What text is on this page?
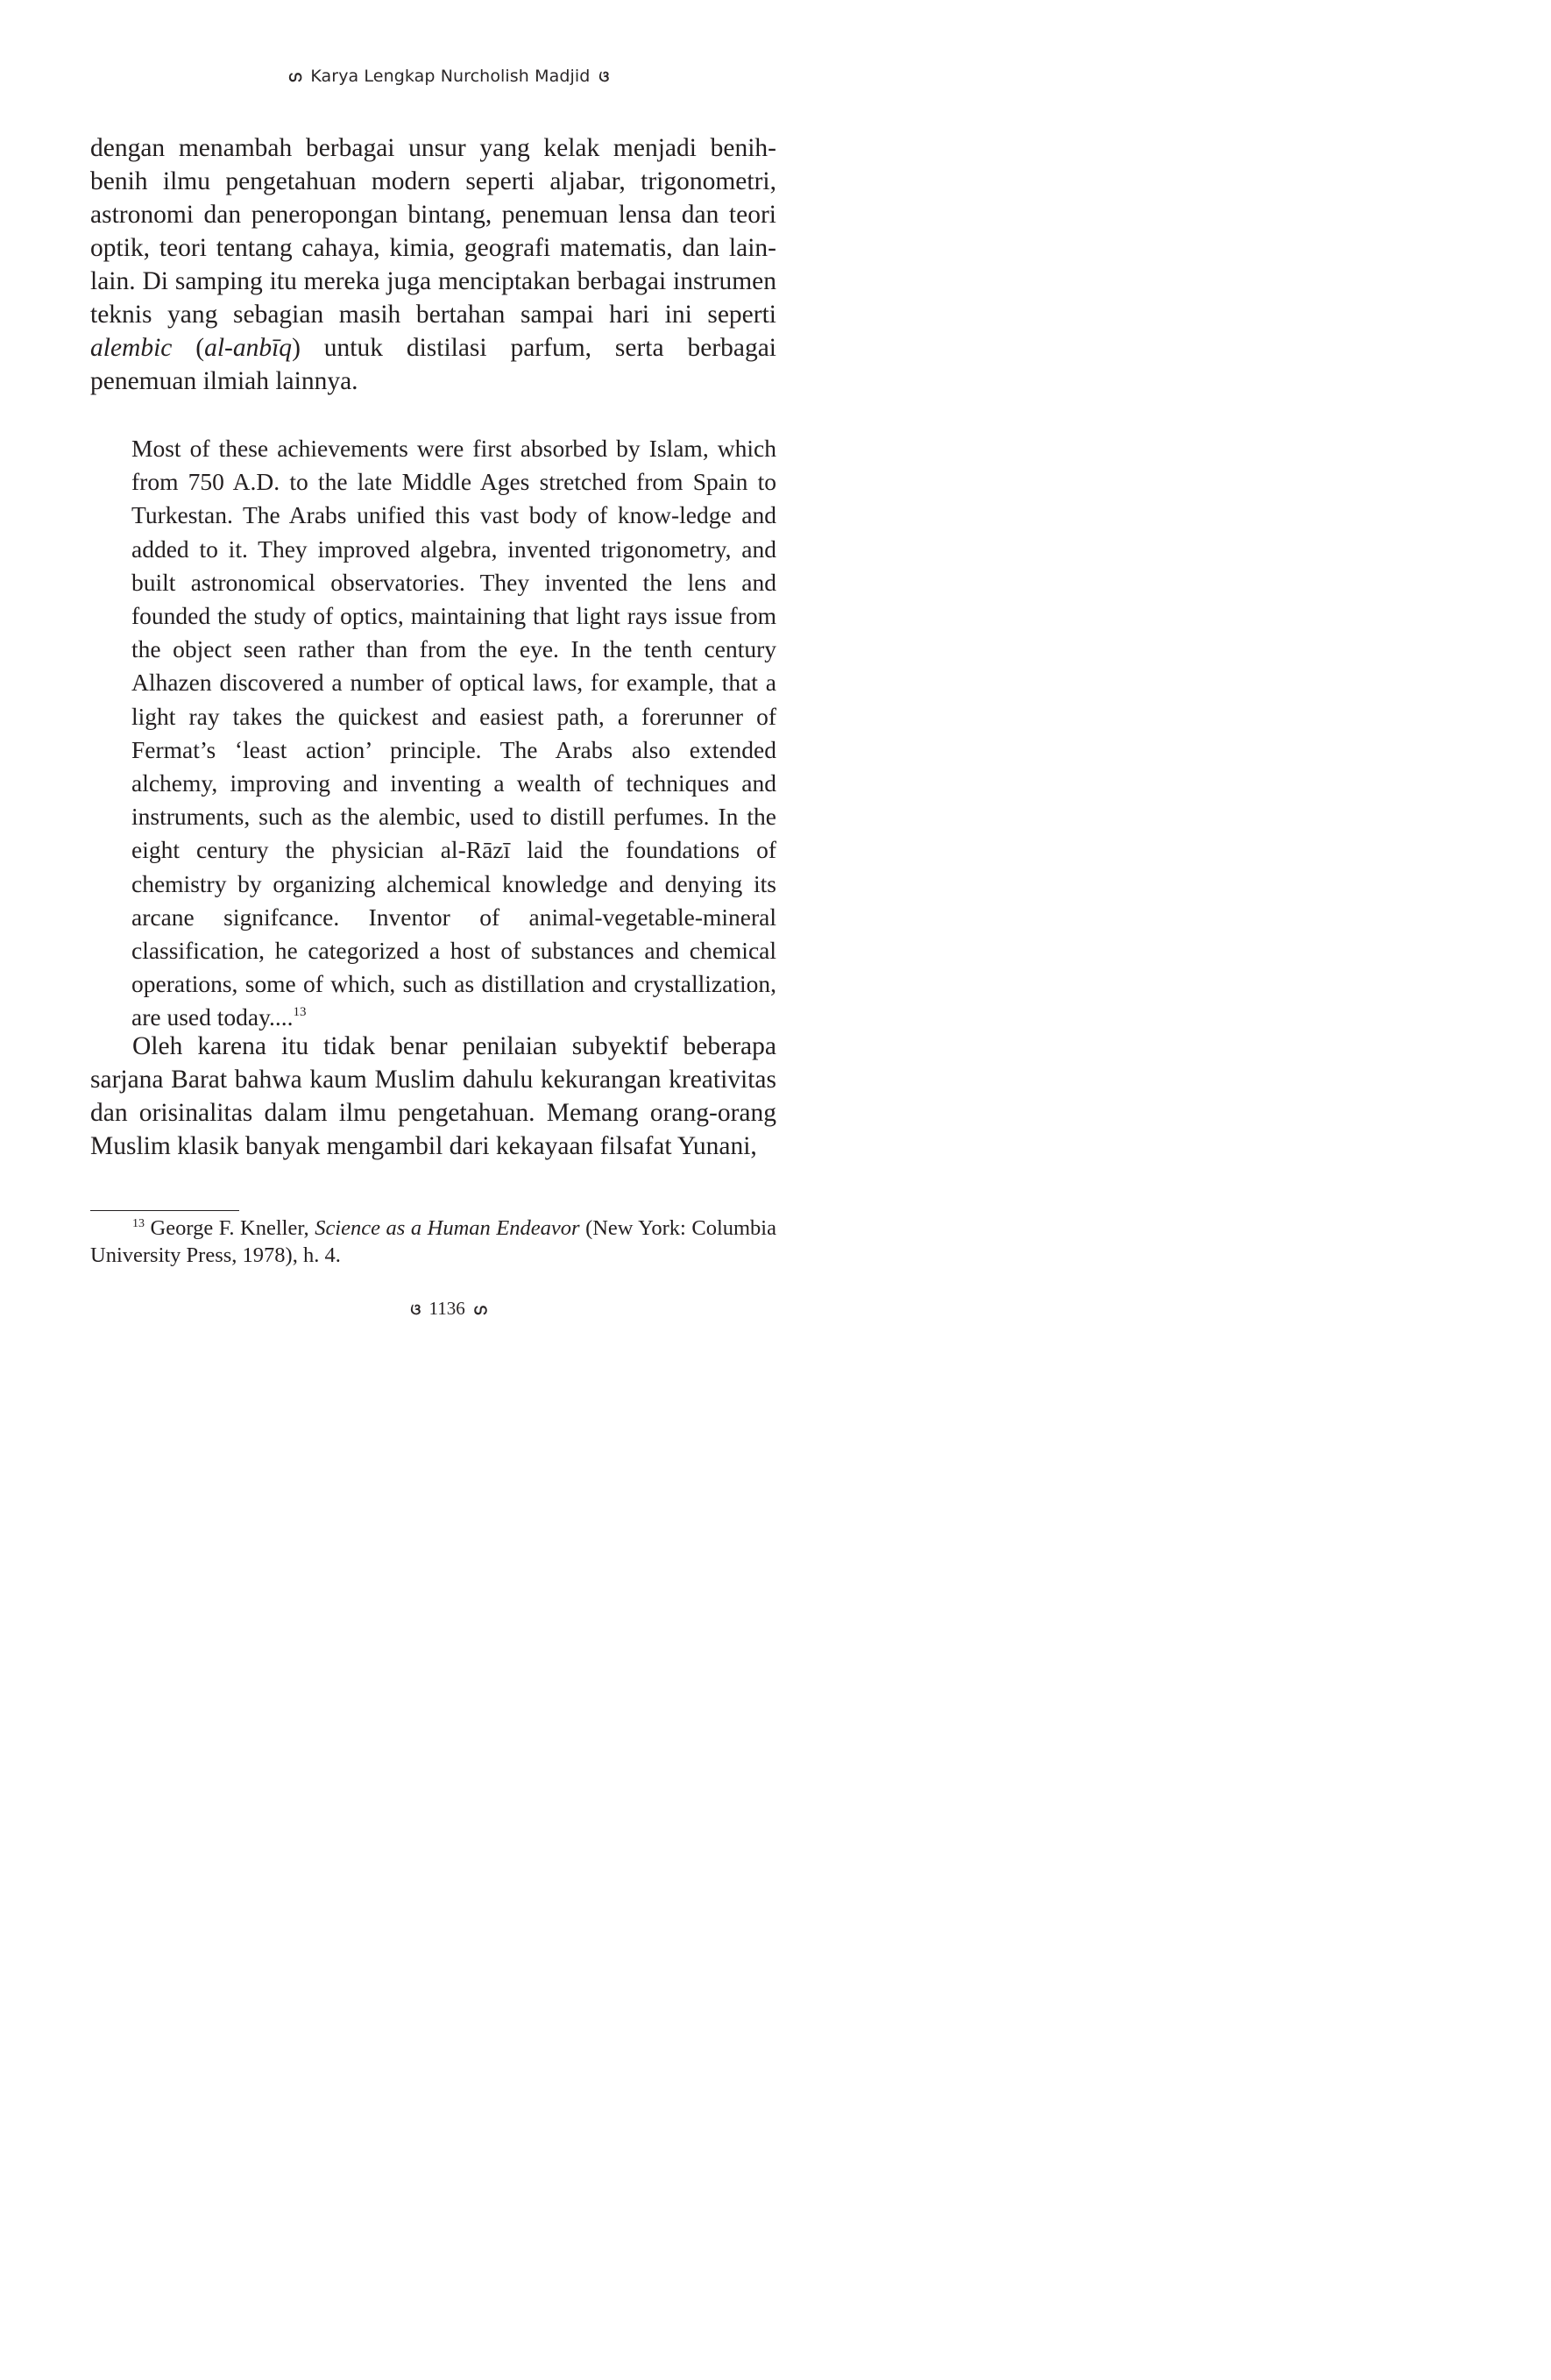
ഗ Karya Lengkap Nurcholish Madjid ଓ

dengan menambah berbagai unsur yang kelak menjadi benih-benih ilmu pengetahuan modern seperti aljabar, trigonometri, astronomi dan peneropongan bintang, penemuan lensa dan teori optik, teori tentang cahaya, kimia, geografi matematis, dan lain-lain. Di samping itu mereka juga menciptakan berbagai instrumen teknis yang sebagian masih bertahan sampai hari ini seperti alembic (al-anbīq) untuk distilasi parfum, serta berbagai penemuan ilmiah lainnya.

Most of these achievements were first absorbed by Islam, which from 750 A.D. to the late Middle Ages stretched from Spain to Turkestan. The Arabs unified this vast body of know-ledge and added to it. They improved algebra, invented trigonometry, and built astronomical observatories. They invented the lens and founded the study of optics, maintaining that light rays issue from the object seen rather than from the eye. In the tenth century Alhazen discovered a number of optical laws, for example, that a light ray takes the quickest and easiest path, a forerunner of Fermat’s ‘least action’ principle. The Arabs also extended alchemy, improving and inventing a wealth of techniques and instruments, such as the alembic, used to distill perfumes. In the eight century the physician al-Rāzī laid the foundations of chemistry by organizing alchemical knowledge and denying its arcane signifcance. Inventor of animal-vegetable-mineral classification, he categorized a host of substances and chemical operations, some of which, such as distillation and crystallization, are used today....$^{13}$

Oleh karena itu tidak benar penilaian subyektif beberapa sarjana Barat bahwa kaum Muslim dahulu kekurangan kreativitas dan orisinalitas dalam ilmu pengetahuan. Memang orang-orang Muslim klasik banyak mengambil dari kekayaan filsafat Yunani,

$^{13}$ George F. Kneller, Science as a Human Endeavor (New York: Columbia University Press, 1978), h. 4.

ଓ 1136 ഗ
